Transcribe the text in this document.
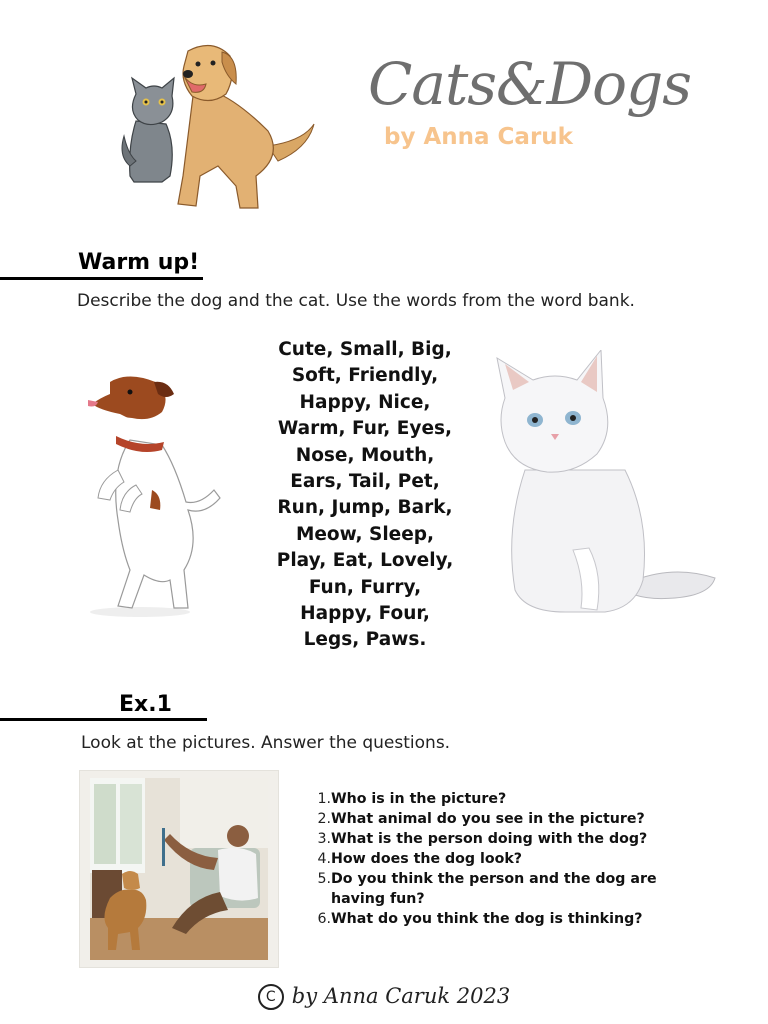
Cats&Dogs
by Anna Caruk
Warm up!
Describe the dog and the cat. Use the words from the word bank.
Cute, Small, Big,
Soft, Friendly,
Happy, Nice,
Warm, Fur, Eyes,
Nose, Mouth,
Ears, Tail, Pet,
Run, Jump, Bark,
Meow, Sleep,
Play, Eat, Lovely,
Fun, Furry,
Happy, Four,
Legs, Paws.
Ex.1
Look at the pictures. Answer the questions.
1. Who is in the picture?
2. What animal do you see in the picture?
3. What is the person doing with the dog?
4. How does the dog look?
5. Do you think the person and the dog are having fun?
6. What do you think the dog is thinking?
C by Anna Caruk 2023
